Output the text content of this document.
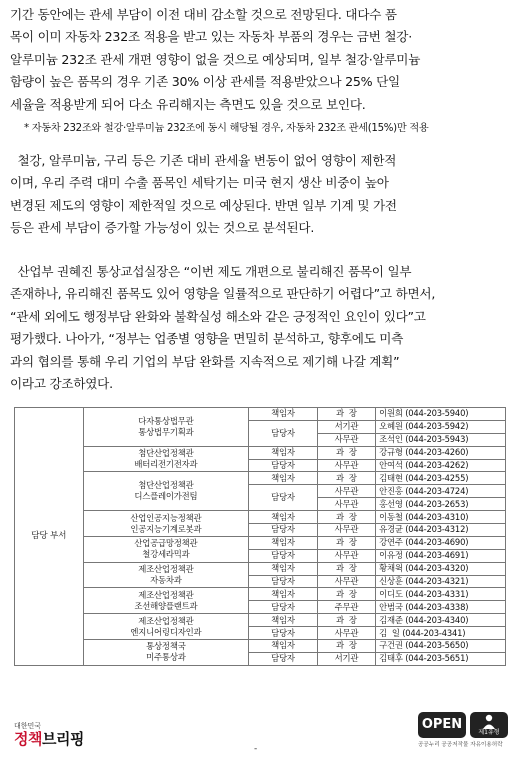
기간 동안에는 관세 부담이 이전 대비 감소할 것으로 전망된다. 대다수 품
목이 이미 자동차 232조 적용을 받고 있는 자동차 부품의 경우는 금번 철강·
알루미늄 232조 관세 개편 영향이 없을 것으로 예상되며, 일부 철강·알루미늄
함량이 높은 품목의 경우 기존 30% 이상 관세를 적용받았으나 25% 단일
세율을 적용받게 되어 다소 유리해지는 측면도 있을 것으로 보인다.
* 자동차 232조와 철강·알루미늄 232조에 동시 해당될 경우, 자동차 232조 관세(15%)만 적용
철강, 알루미늄, 구리 등은 기존 대비 관세율 변동이 없어 영향이 제한적
이며, 우리 주력 대미 수출 품목인 세탁기는 미국 현지 생산 비중이 높아
변경된 제도의 영향이 제한적일 것으로 예상된다. 반면 일부 기계 및 가전
등은 관세 부담이 증가할 가능성이 있는 것으로 분석된다.
산업부 권혜진 통상교섭실장은 “이번 제도 개편으로 불리해진 품목이 일부
존재하나, 유리해진 품목도 있어 영향을 일률적으로 판단하기 어렵다”고 하면서,
“관세 외에도 행정부담 완화와 불확실성 해소와 같은 긍정적인 요인이 있다”고
평가했다. 나아가, “정부는 업종별 영향을 면밀히 분석하고, 향후에도 미측
과의 협의를 통해 우리 기업의 부담 완화를 지속적으로 제기해 나갈 계획”
이라고 강조하였다.
담당 부서	다자통상법무관
통상법무기획과	책임자	과  장	이원희 (044-203-5940)
		담당자	서기관	오혜원 (044-203-5942)
			사무관	조석인 (044-203-5943)

	첨단산업정책관
배터리전기전자과	책임자	과  장	강규형 (044-203-4260)
		담당자	사무관	안여석 (044-203-4262)

	첨단산업정책관
디스플레이가전팀	책임자	과  장	김태현 (044-203-4255)
		담당자	사무관	안진홍 (044-203-4724)
			사무관	홍선영 (044-203-2653)

	산업인공지능정책관
인공지능기계로봇과	책임자	과  장	이동철 (044-203-4310)
		담당자	사무관	유경균 (044-203-4312)

	산업공급망정책관
철강세라믹과	책임자	과  장	강연주 (044-203-4690)
		담당자	사무관	이유정 (044-203-4691)

	제조산업정책관
자동차과	책임자	과  장	황채윅 (044-203-4320)
		담당자	사무관	신상훈 (044-203-4321)

	제조산업정책관
조선해양플랜트과	책임자	과  장	이디도 (044-203-4331)
		담당자	주무관	안범국 (044-203-4338)

	제조산업정책관
엔지니어링디자인과	책임자	과  장	김재준 (044-203-4340)
		담당자	사무관	김  일 (044-203-4341)

	통상정책국
미주통상과	책임자	과  장	구건권 (044-203-5650)
		담당자	서기관	김태후 (044-203-5651)
대한민국
정책브리핑
-
OPEN
제1유형
공공누리 공공저작물 자유이용허락
